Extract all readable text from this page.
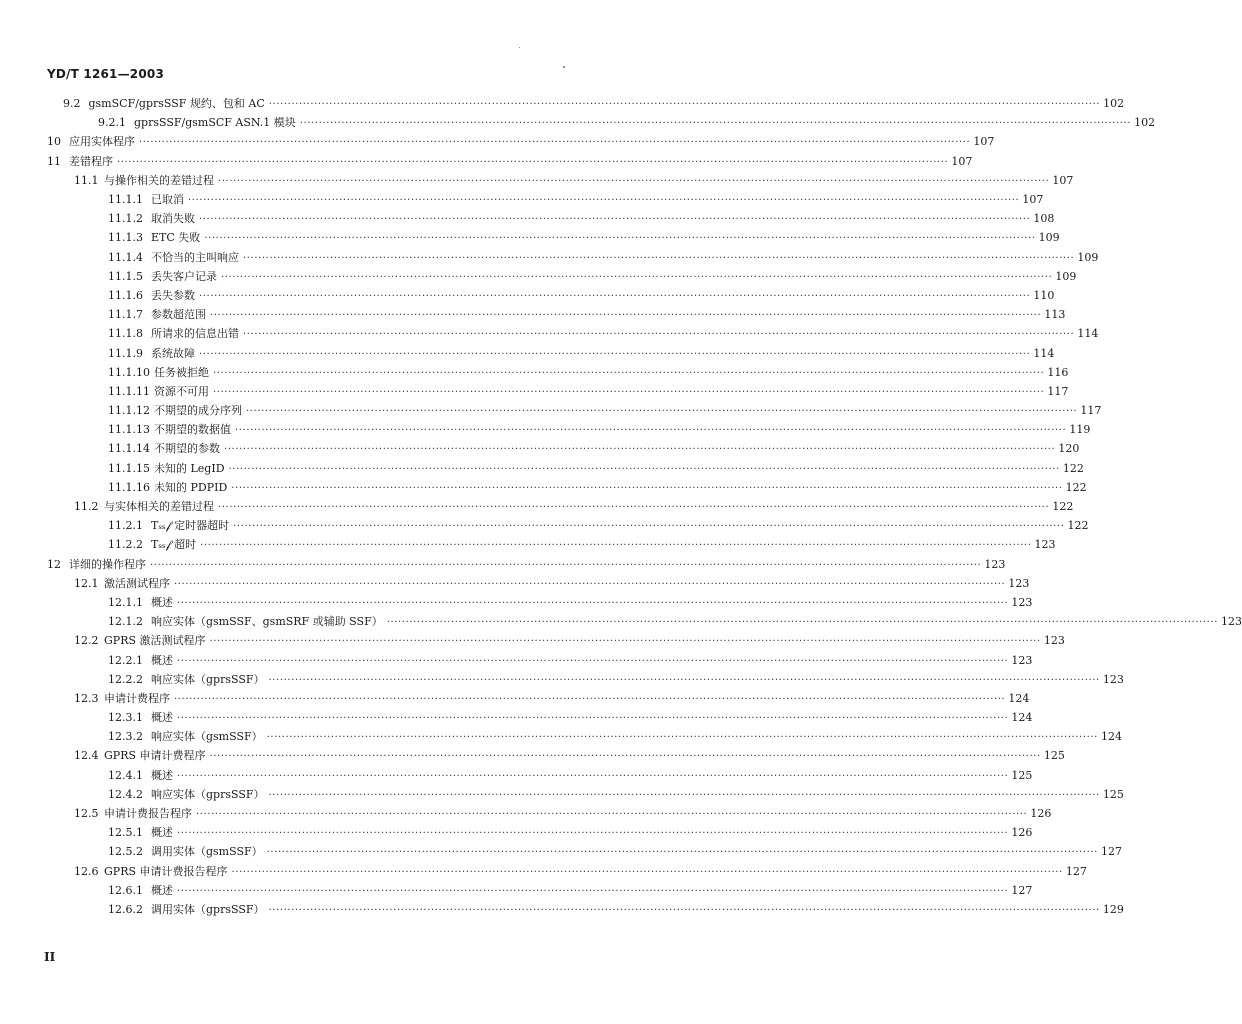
YD/T 1261—2003
9.2 gsmSCF/gprsSSF 规约、包和 AC ···························································································································································································································· 102
9.2.1 gprsSSF/gsmSCF ASN.1 模块 ···························································································································································································································· 102
10 应用实体程序 ···························································································································································································································· 107
11 差错程序 ···························································································································································································································· 107
11.1 与操作相关的差错过程 ···························································································································································································································· 107
11.1.1 已取消 ···························································································································································································································· 107
11.1.2 取消失败 ···························································································································································································································· 108
11.1.3 ETC 失败 ···························································································································································································································· 109
11.1.4 不恰当的主叫响应 ···························································································································································································································· 109
11.1.5 丢失客户记录 ···························································································································································································································· 109
11.1.6 丢失参数 ···························································································································································································································· 110
11.1.7 参数超范围 ···························································································································································································································· 113
11.1.8 所请求的信息出错 ···························································································································································································································· 114
11.1.9 系统故障 ···························································································································································································································· 114
11.1.10 任务被拒绝 ···························································································································································································································· 116
11.1.11 资源不可用 ···························································································································································································································· 117
11.1.12 不期望的成分序列 ···························································································································································································································· 117
11.1.13 不期望的数据值 ···························································································································································································································· 119
11.1.14 不期望的参数 ···························································································································································································································· 120
11.1.15 未知的 LegID ···························································································································································································································· 122
11.1.16 未知的 PDPID ···························································································································································································································· 122
11.2 与实体相关的差错过程 ···························································································································································································································· 122
11.2.1 Tₛₛ𝒻 定时器超时 ···························································································································································································································· 122
11.2.2 Tₛₛ𝒻 超时 ···························································································································································································································· 123
12 详细的操作程序 ···························································································································································································································· 123
12.1 激活测试程序 ···························································································································································································································· 123
12.1.1 概述 ···························································································································································································································· 123
12.1.2 响应实体（gsmSSF、gsmSRF 或辅助 SSF） ···························································································································································································································· 123
12.2 GPRS 激活测试程序 ···························································································································································································································· 123
12.2.1 概述 ···························································································································································································································· 123
12.2.2 响应实体（gprsSSF） ···························································································································································································································· 123
12.3 申请计费程序 ···························································································································································································································· 124
12.3.1 概述 ···························································································································································································································· 124
12.3.2 响应实体（gsmSSF） ···························································································································································································································· 124
12.4 GPRS 申请计费程序 ···························································································································································································································· 125
12.4.1 概述 ···························································································································································································································· 125
12.4.2 响应实体（gprsSSF） ···························································································································································································································· 125
12.5 申请计费报告程序 ···························································································································································································································· 126
12.5.1 概述 ···························································································································································································································· 126
12.5.2 调用实体（gsmSSF） ···························································································································································································································· 127
12.6 GPRS 申请计费报告程序 ···························································································································································································································· 127
12.6.1 概述 ···························································································································································································································· 127
12.6.2 调用实体（gprsSSF） ···························································································································································································································· 129
II
